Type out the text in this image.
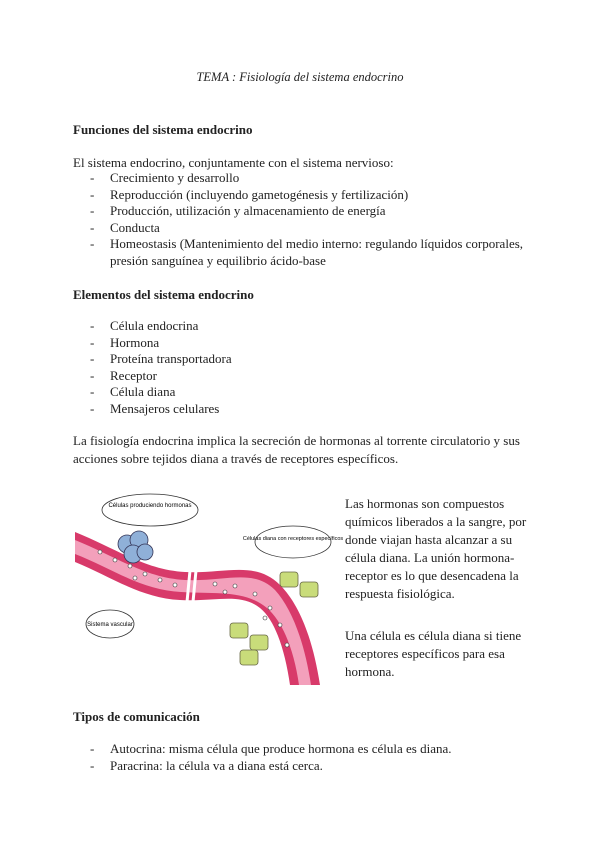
TEMA : Fisiología del sistema endocrino
Funciones del sistema endocrino
El sistema endocrino, conjuntamente con el sistema nervioso:
- Crecimiento y desarrollo
- Reproducción (incluyendo gametogénesis y fertilización)
- Producción, utilización y almacenamiento de energía
- Conducta
- Homeostasis (Mantenimiento del medio interno: regulando líquidos corporales, presión sanguínea y equilibrio ácido-base
Elementos del sistema endocrino
- Célula endocrina
- Hormona
- Proteína transportadora
- Receptor
- Célula diana
- Mensajeros celulares
La fisiología endocrina implica la secreción de hormonas al torrente circulatorio y sus acciones sobre tejidos diana a través de receptores específicos.
Células produciendo hormonas
Células diana con receptores específicos
Sistema vascular
Las hormonas son compuestos químicos liberados a la sangre, por donde viajan hasta alcanzar a su célula diana. La unión hormona-receptor es lo que desencadena la respuesta fisiológica.
Una célula es célula diana si tiene receptores específicos para esa hormona.
Tipos de comunicación
- Autocrina: misma célula que produce hormona es célula es diana.
- Paracrina: la célula va a diana está cerca.
